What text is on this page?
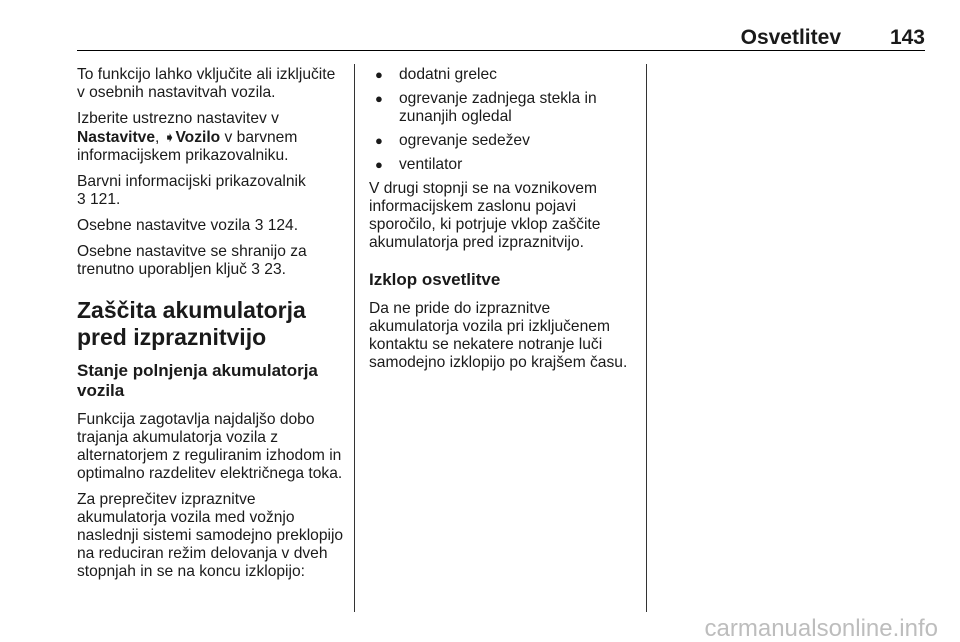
Osvetlitev 143

To funkcijo lahko vključite ali izključite v osebnih nastavitvah vozila.

Izberite ustrezno nastavitev v
Nastavitve, ➧Vozilo v barvnem informacijskem prikazovalniku.

Barvni informacijski prikazovalnik
3 121.

Osebne nastavitve vozila 3 124.

Osebne nastavitve se shranijo za trenutno uporabljen ključ 3 23.

Zaščita akumulatorja pred izpraznitvijo
Stanje polnjenja akumulatorja vozila

Funkcija zagotavlja najdaljšo dobo trajanja akumulatorja vozila z alternatorjem z reguliranim izhodom in optimalno razdelitev električnega toka.

Za preprečitev izpraznitve akumulatorja vozila med vožnjo naslednji sistemi samodejno preklopijo na reduciran režim delovanja v dveh stopnjah in se na koncu izklopijo:

● dodatni grelec
● ogrevanje zadnjega stekla in zunanjih ogledal
● ogrevanje sedežev
● ventilator

V drugi stopnji se na voznikovem informacijskem zaslonu pojavi sporočilo, ki potrjuje vklop zaščite akumulatorja pred izpraznitvijo.

Izklop osvetlitve

Da ne pride do izpraznitve akumulatorja vozila pri izključenem kontaktu se nekatere notranje luči samodejno izklopijo po krajšem času.

carmanualsonline.info
